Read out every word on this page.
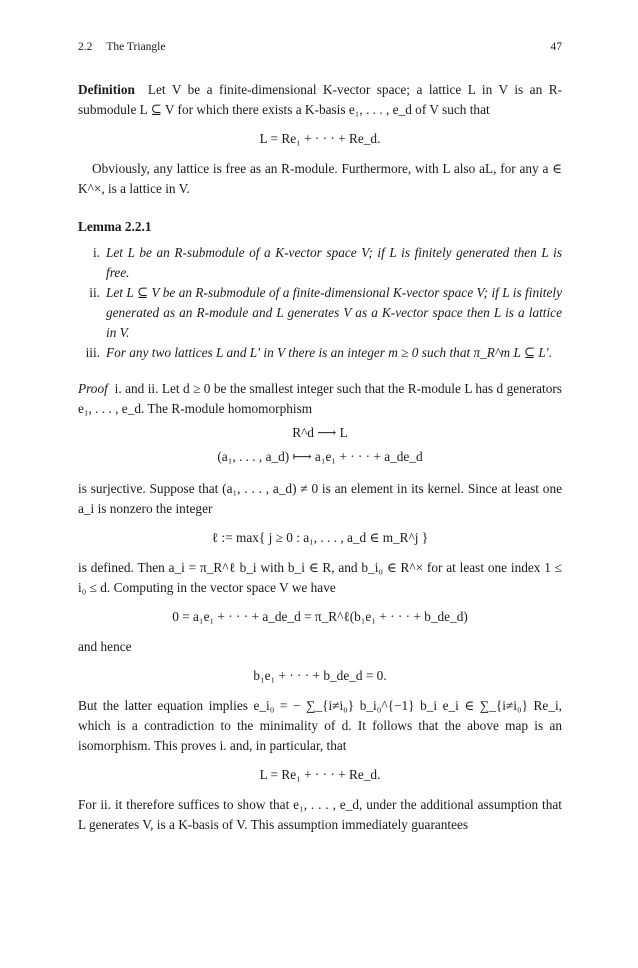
2.2 The Triangle	47

Definition Let V be a finite-dimensional K-vector space; a lattice L in V is an R-submodule L ⊆ V for which there exists a K-basis e₁, . . . , e_d of V such that

L = Re₁ + · · · + Re_d.

Obviously, any lattice is free as an R-module. Furthermore, with L also aL, for any a ∈ K^×, is a lattice in V.

Lemma 2.2.1
i. Let L be an R-submodule of a K-vector space V; if L is finitely generated then L is free.
ii. Let L ⊆ V be an R-submodule of a finite-dimensional K-vector space V; if L is finitely generated as an R-module and L generates V as a K-vector space then L is a lattice in V.
iii. For any two lattices L and L′ in V there is an integer m ≥ 0 such that π_R^m L ⊆ L′.

Proof i. and ii. Let d ≥ 0 be the smallest integer such that the R-module L has d generators e₁, . . . , e_d. The R-module homomorphism

R^d ⟶ L
(a₁, . . . , a_d) ⟼ a₁e₁ + · · · + a_de_d

is surjective. Suppose that (a₁, . . . , a_d) ≠ 0 is an element in its kernel. Since at least one a_i is nonzero the integer

ℓ := max{ j ≥ 0 : a₁, . . . , a_d ∈ m_R^j }

is defined. Then a_i = π_R^ℓ b_i with b_i ∈ R, and b_i₀ ∈ R^× for at least one index 1 ≤ i₀ ≤ d. Computing in the vector space V we have

0 = a₁e₁ + · · · + a_de_d = π_R^ℓ(b₁e₁ + · · · + b_de_d)

and hence

b₁e₁ + · · · + b_de_d = 0.

But the latter equation implies e_i₀ = − ∑_{i≠i₀} b_i₀^{−1} b_i e_i ∈ ∑_{i≠i₀} Re_i, which is a contradiction to the minimality of d. It follows that the above map is an isomorphism. This proves i. and, in particular, that

L = Re₁ + · · · + Re_d.

For ii. it therefore suffices to show that e₁, . . . , e_d, under the additional assumption that L generates V, is a K-basis of V. This assumption immediately guarantees
